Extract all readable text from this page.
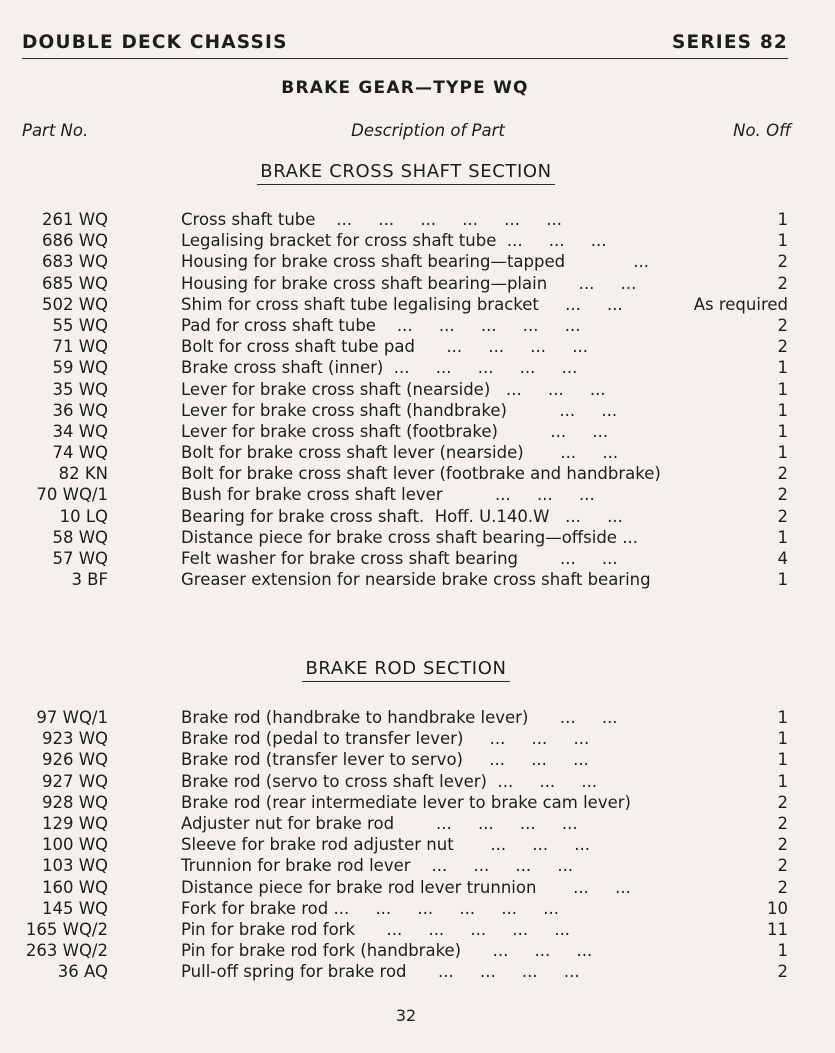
DOUBLE DECK CHASSIS	SERIES 82
BRAKE GEAR—TYPE WQ
Part No.	Description of Part	No. Off
BRAKE CROSS SHAFT SECTION
261 WQ	Cross shaft tube    ...     ...     ...     ...     ...     ...	1
686 WQ	Legalising bracket for cross shaft tube  ...     ...     ...	1
683 WQ	Housing for brake cross shaft bearing—tapped             ...	2
685 WQ	Housing for brake cross shaft bearing—plain      ...     ...	2
502 WQ	Shim for cross shaft tube legalising bracket     ...     ...	As required
55 WQ	Pad for cross shaft tube    ...     ...     ...     ...     ...	2
71 WQ	Bolt for cross shaft tube pad      ...     ...     ...     ...	2
59 WQ	Brake cross shaft (inner)  ...     ...     ...     ...     ...	1
35 WQ	Lever for brake cross shaft (nearside)   ...     ...     ...	1
36 WQ	Lever for brake cross shaft (handbrake)          ...     ...	1
34 WQ	Lever for brake cross shaft (footbrake)          ...     ...	1
74 WQ	Bolt for brake cross shaft lever (nearside)       ...     ...	1
82 KN	Bolt for brake cross shaft lever (footbrake and handbrake)	2
70 WQ/1	Bush for brake cross shaft lever          ...     ...     ...	2
10 LQ	Bearing for brake cross shaft.  Hoff. U.140.W   ...     ...	2
58 WQ	Distance piece for brake cross shaft bearing—offside ...	1
57 WQ	Felt washer for brake cross shaft bearing        ...     ...	4
3 BF	Greaser extension for nearside brake cross shaft bearing	1
BRAKE ROD SECTION
97 WQ/1	Brake rod (handbrake to handbrake lever)      ...     ...	1
923 WQ	Brake rod (pedal to transfer lever)     ...     ...     ...	1
926 WQ	Brake rod (transfer lever to servo)     ...     ...     ...	1
927 WQ	Brake rod (servo to cross shaft lever)  ...     ...     ...	1
928 WQ	Brake rod (rear intermediate lever to brake cam lever)	2
129 WQ	Adjuster nut for brake rod        ...     ...     ...     ...	2
100 WQ	Sleeve for brake rod adjuster nut       ...     ...     ...	2
103 WQ	Trunnion for brake rod lever    ...     ...     ...     ...	2
160 WQ	Distance piece for brake rod lever trunnion       ...     ...	2
145 WQ	Fork for brake rod ...     ...     ...     ...     ...     ...	10
165 WQ/2	Pin for brake rod fork      ...     ...     ...     ...     ...	11
263 WQ/2	Pin for brake rod fork (handbrake)      ...     ...     ...	1
36 AQ	Pull-off spring for brake rod      ...     ...     ...     ...	2
32
